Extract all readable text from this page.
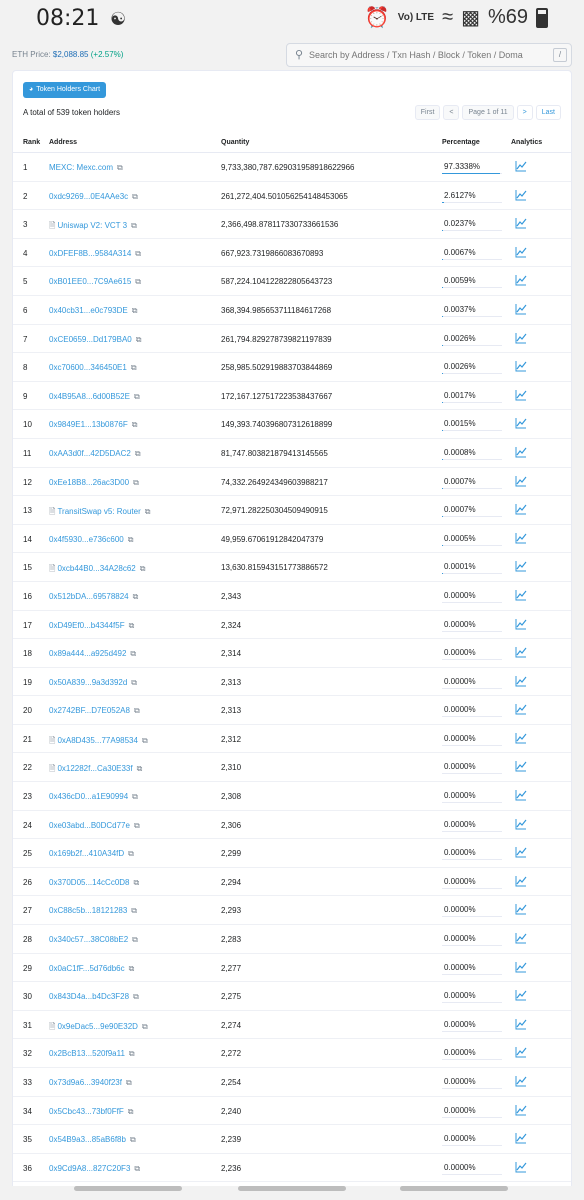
08:21 ☯	⏰ Vo) LTE ≈ ▩ %69
ETH Price: $2,088.85 (+2.57%)	⚲
Search by Address / Txn Hash / Block / Token / Doma	/
◕ Token Holders Chart
A total of 539 token holders	First	<	Page 1 of 11	>	Last
Rank Address	Quantity	Percentage	Analytics
1	MEXC: Mexc.com ⧉	9,733,380,787.629031958918622966	97.3338%
2	0xdc9269...0E4AAe3c ⧉	261,272,404.501056254148453065	2.6127%
3	🗎 Uniswap V2: VCT 3 ⧉	2,366,498.878117330733661536	0.0237%
4	0xDFEF8B...9584A314 ⧉	667,923.7319866083670893	0.0067%
5	0xB01EE0...7C9Ae615 ⧉	587,224.104122822805643723	0.0059%
6	0x40cb31...e0c793DE ⧉	368,394.985653711184617268	0.0037%
7	0xCE0659...Dd179BA0 ⧉	261,794.829278739821197839	0.0026%
8	0xc70600...346450E1 ⧉	258,985.502919883703844869	0.0026%
9	0x4B95A8...6d00B52E ⧉	172,167.127517223538437667	0.0017%
10 0x9849E1...13b0876F ⧉	149,393.740396807312618899	0.0015%
11 0xAA3d0f...42D5DAC2 ⧉	81,747.803821879413145565	0.0008%
12 0xEe18B8...26ac3D00 ⧉	74,332.264924349603988217	0.0007%
13 🗎 TransitSwap v5: Router ⧉	72,971.282250304509490915	0.0007%
14 0x4f5930...e736c600 ⧉	49,959.67061912842047379	0.0005%
15 🗎 0xcb44B0...34A28c62 ⧉	13,630.815943151773886572	0.0001%
16 0x512bDA...69578824 ⧉	2,343	0.0000%
17 0xD49Ef0...b4344f5F ⧉	2,324	0.0000%
18 0x89a444...a925d492 ⧉	2,314	0.0000%
19 0x50A839...9a3d392d ⧉	2,313	0.0000%
20 0x2742BF...D7E052A8 ⧉	2,313	0.0000%
21 🗎 0xA8D435...77A98534 ⧉	2,312	0.0000%
22 🗎 0x12282f...Ca30E33f ⧉	2,310	0.0000%
23 0x436cD0...a1E90994 ⧉	2,308	0.0000%
24 0xe03abd...B0DCd77e ⧉	2,306	0.0000%
25 0x169b2f...410A34fD ⧉	2,299	0.0000%
26 0x370D05...14cCc0D8 ⧉	2,294	0.0000%
27 0xC88c5b...18121283 ⧉	2,293	0.0000%
28 0x340c57...38C08bE2 ⧉	2,283	0.0000%
29 0x0aC1fF...5d76db6c ⧉	2,277	0.0000%
30 0x843D4a...b4Dc3F28 ⧉	2,275	0.0000%
31 🗎 0x9eDac5...9e90E32D ⧉	2,274	0.0000%
32 0x2BcB13...520f9a11 ⧉	2,272	0.0000%
33 0x73d9a6...3940f23f ⧉	2,254	0.0000%
34 0x5Cbc43...73bf0FfF ⧉	2,240	0.0000%
35 0x54B9a3...85aB6f8b ⧉	2,239	0.0000%
36 0x9Cd9A8...827C20F3 ⧉	2,236	0.0000%
